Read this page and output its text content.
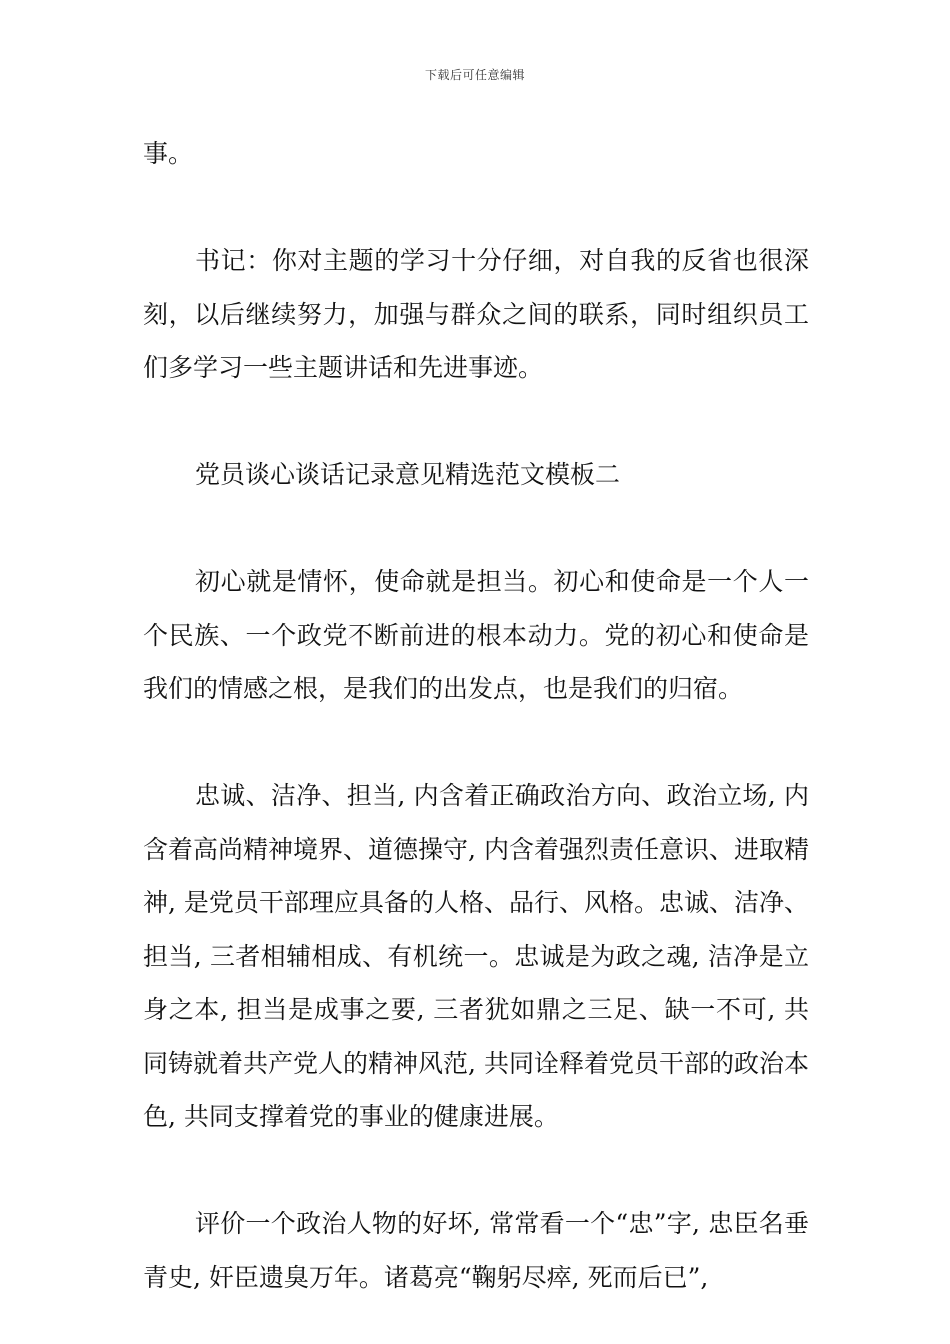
下载后可任意编辑

事。

书记：你对主题的学习十分仔细，对自我的反省也很深刻，以后继续努力，加强与群众之间的联系，同时组织员工们多学习一些主题讲话和先进事迹。

党员谈心谈话记录意见精选范文模板二

初心就是情怀，使命就是担当。初心和使命是一个人一个民族、一个政党不断前进的根本动力。党的初心和使命是我们的情感之根，是我们的出发点，也是我们的归宿。

忠诚、洁净、担当, 内含着正确政治方向、政治立场, 内含着高尚精神境界、道德操守, 内含着强烈责任意识、进取精神, 是党员干部理应具备的人格、品行、风格。忠诚、洁净、担当, 三者相辅相成、有机统一。忠诚是为政之魂, 洁净是立身之本, 担当是成事之要, 三者犹如鼎之三足、缺一不可, 共同铸就着共产党人的精神风范, 共同诠释着党员干部的政治本色, 共同支撑着党的事业的健康进展。

评价一个政治人物的好坏, 常常看一个“忠”字, 忠臣名垂青史, 奸臣遗臭万年。诸葛亮“鞠躬尽瘁, 死而后已”,
